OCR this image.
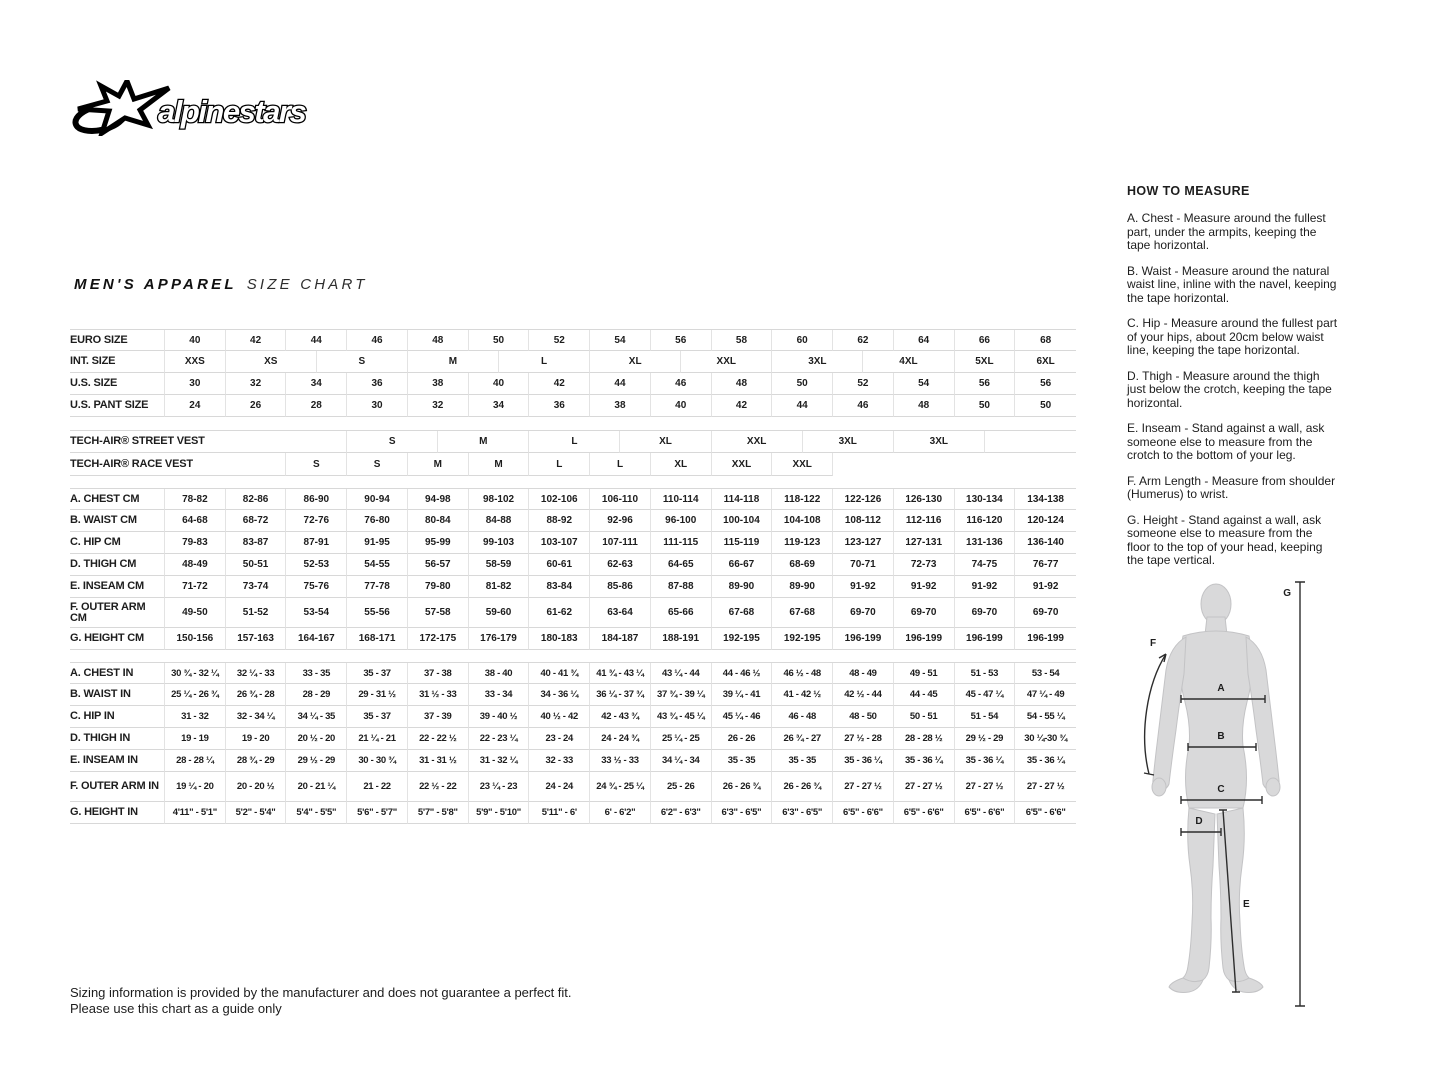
alpinestars
MEN'S APPAREL SIZE CHART
EURO SIZE	40	42	44	46	48	50	52	54	56	58	60	62	64	66	68
INT. SIZE	XXS	XS	S	M	L	XL	XXL	3XL	4XL	5XL	6XL
U.S. SIZE	30	32	34	36	38	40	42	44	46	48	50	52	54	56	56
U.S. PANT SIZE	24	26	28	30	32	34	36	38	40	42	44	46	48	50	50
TECH-AIR® STREET VEST	S	M	L	XL	XXL	3XL	3XL
TECH-AIR® RACE VEST	S	S	M	M	L	L	XL	XXL	XXL
A. CHEST CM	78-82	82-86	86-90	90-94	94-98	98-102	102-106	106-110	110-114	114-118	118-122	122-126	126-130	130-134	134-138
B. WAIST CM	64-68	68-72	72-76	76-80	80-84	84-88	88-92	92-96	96-100	100-104	104-108	108-112	112-116	116-120	120-124
C. HIP CM	79-83	83-87	87-91	91-95	95-99	99-103	103-107	107-111	111-115	115-119	119-123	123-127	127-131	131-136	136-140
D. THIGH CM	48-49	50-51	52-53	54-55	56-57	58-59	60-61	62-63	64-65	66-67	68-69	70-71	72-73	74-75	76-77
E. INSEAM CM	71-72	73-74	75-76	77-78	79-80	81-82	83-84	85-86	87-88	89-90	89-90	91-92	91-92	91-92	91-92
F. OUTER ARM CM	49-50	51-52	53-54	55-56	57-58	59-60	61-62	63-64	65-66	67-68	67-68	69-70	69-70	69-70	69-70
G. HEIGHT CM	150-156	157-163	164-167	168-171	172-175	176-179	180-183	184-187	188-191	192-195	192-195	196-199	196-199	196-199	196-199
A. CHEST IN	30 ¾ - 32 ¼	32 ¼ - 33	33 - 35	35 - 37	37 - 38	38 - 40	40 - 41 ¾	41 ¾ - 43 ¼	43 ¼ - 44	44 - 46 ½	46 ½ - 48	48 - 49	49 - 51	51 - 53	53 - 54
B. WAIST IN	25 ¼ - 26 ¾	26 ¾ - 28	28 - 29	29 - 31 ½	31 ½ - 33	33 - 34	34 - 36 ¼	36 ¼ - 37 ¾	37 ¾ - 39 ¼	39 ¼ - 41	41 - 42 ½	42 ½ - 44	44 - 45	45 - 47 ¼	47 ¼ - 49
C. HIP IN	31 - 32	32 - 34 ¼	34 ¼ - 35	35 - 37	37 - 39	39 - 40 ½	40 ½ - 42	42 - 43 ¾	43 ¾ - 45 ¼	45 ¼ - 46	46 - 48	48 - 50	50 - 51	51 - 54	54 - 55 ¼
D. THIGH IN	19 - 19	19 - 20	20 ½ - 20	21 ¼ - 21	22 - 22 ½	22 - 23 ¼	23 - 24	24 - 24 ¾	25 ¼ - 25	26 - 26	26 ¾ - 27	27 ½ - 28	28 - 28 ½	29 ½ - 29	30 ¼-30 ¾
E. INSEAM IN	28 - 28 ¼	28 ¾ - 29	29 ½ - 29	30 - 30 ¾	31 - 31 ½	31 - 32 ¼	32 - 33	33 ½ - 33	34 ¼ - 34	35 - 35	35 - 35	35 - 36 ¼	35 - 36 ¼	35 - 36 ¼	35 - 36 ¼
F. OUTER ARM IN	19 ¼ - 20	20 - 20 ½	20 - 21 ¼	21 - 22	22 ½ - 22	23 ¼ - 23	24 - 24	24 ¾ - 25 ¼	25 - 26	26 - 26 ¾	26 - 26 ¾	27 - 27 ½	27 - 27 ½	27 - 27 ½	27 - 27 ½
G. HEIGHT IN	4'11" - 5'1"	5'2" - 5'4"	5'4" - 5'5"	5'6" - 5'7"	5'7" - 5'8"	5'9" - 5'10"	5'11" - 6'	6' - 6'2"	6'2" - 6'3"	6'3" - 6'5"	6'3" - 6'5"	6'5" - 6'6"	6'5" - 6'6"	6'5" - 6'6"	6'5" - 6'6"
HOW TO MEASURE

A. Chest - Measure around the fullest part, under the armpits, keeping the tape horizontal.

B. Waist - Measure around the natural waist line, inline with the navel, keeping the tape horizontal.

C. Hip - Measure around the fullest part of your hips, about 20cm below waist line, keeping the tape horizontal.

D. Thigh - Measure around the thigh just below the crotch, keeping the tape horizontal.

E. Inseam - Stand against a wall, ask someone else to measure from the crotch to the bottom of your leg.

F. Arm Length - Measure from shoulder (Humerus) to wrist.

G. Height - Stand against a wall, ask someone else to measure from the floor to the top of your head, keeping the tape vertical.

A
B
C
D
E
F
G
Sizing information is provided by the manufacturer and does not guarantee a perfect fit.
Please use this chart as a guide only
